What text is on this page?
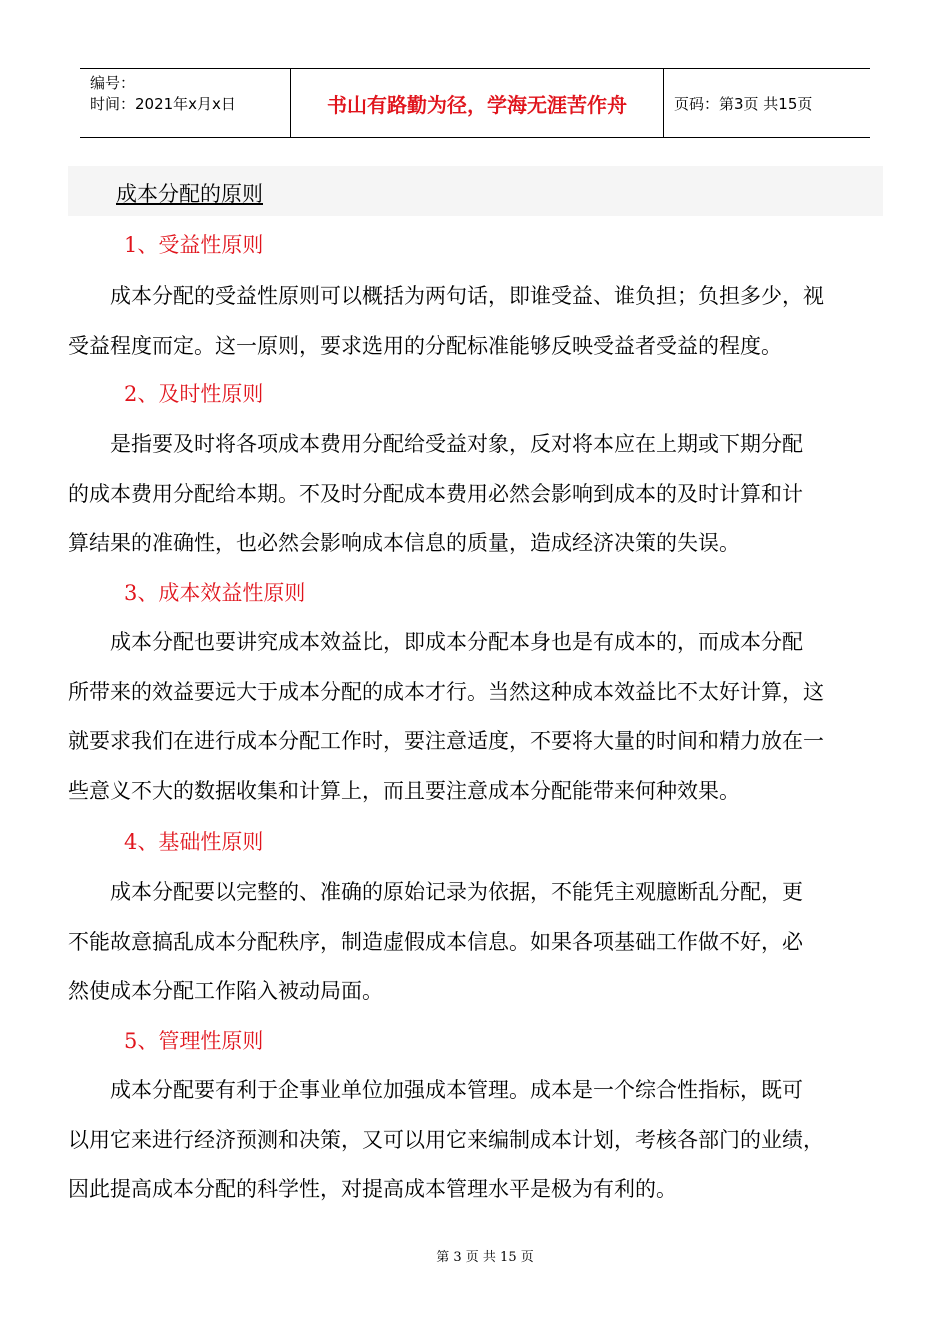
编号：
时间：2021年x月x日	书山有路勤为径，学海无涯苦作舟	页码：第3页 共15页
成本分配的原则
1、受益性原则
　　成本分配的受益性原则可以概括为两句话，即谁受益、谁负担；负担多少，视
受益程度而定。这一原则，要求选用的分配标准能够反映受益者受益的程度。
2、及时性原则
　　是指要及时将各项成本费用分配给受益对象，反对将本应在上期或下期分配
的成本费用分配给本期。不及时分配成本费用必然会影响到成本的及时计算和计
算结果的准确性，也必然会影响成本信息的质量，造成经济决策的失误。
3、成本效益性原则
　　成本分配也要讲究成本效益比，即成本分配本身也是有成本的，而成本分配
所带来的效益要远大于成本分配的成本才行。当然这种成本效益比不太好计算，这
就要求我们在进行成本分配工作时，要注意适度，不要将大量的时间和精力放在一
些意义不大的数据收集和计算上，而且要注意成本分配能带来何种效果。
4、基础性原则
　　成本分配要以完整的、准确的原始记录为依据，不能凭主观臆断乱分配，更
不能故意搞乱成本分配秩序，制造虚假成本信息。如果各项基础工作做不好，必
然使成本分配工作陷入被动局面。
5、管理性原则
　　成本分配要有利于企事业单位加强成本管理。成本是一个综合性指标，既可
以用它来进行经济预测和决策，又可以用它来编制成本计划，考核各部门的业绩，
因此提高成本分配的科学性，对提高成本管理水平是极为有利的。
第 3 页 共 15 页
